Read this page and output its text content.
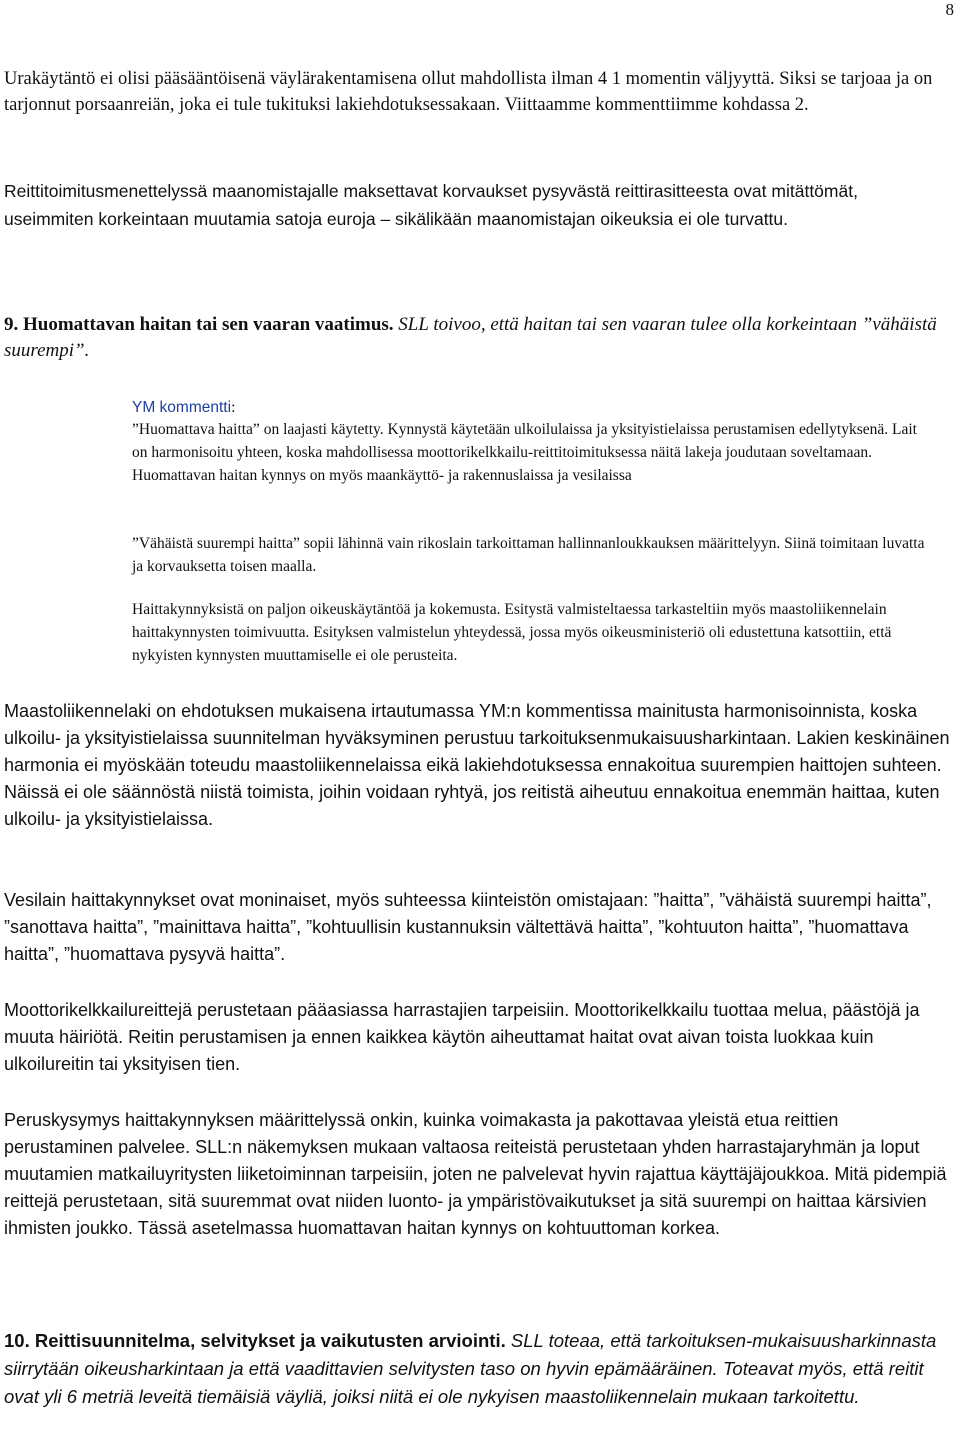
8

Urakäytäntö ei olisi pääsääntöisenä väylärakentamisena ollut mahdollista ilman 4 1 momentin väljyyttä. Siksi se tarjoaa ja on tarjonnut porsaanreiän, joka ei tule tukituksi lakiehdotuksessakaan. Viittaamme kommenttiimme kohdassa 2.

Reittitoimitusmenettelyssä maanomistajalle maksettavat korvaukset pysyvästä reittirasitteesta ovat mitättömät, useimmiten korkeintaan muutamia satoja euroja – sikälikään maanomistajan oikeuksia ei ole turvattu.

9. Huomattavan haitan tai sen vaaran vaatimus. SLL toivoo, että haitan tai sen vaaran tulee olla korkeintaan ”vähäistä suurempi”.

YM kommentti:

”Huomattava haitta” on laajasti käytetty. Kynnystä käytetään ulkoilulaissa ja yksityistielaissa perustamisen edellytyksenä. Lait on harmonisoitu yhteen, koska mahdollisessa moottorikelkkailu-reittitoimituksessa näitä lakeja joudutaan soveltamaan. Huomattavan haitan kynnys on myös maankäyttö- ja rakennuslaissa ja vesilaissa

”Vähäistä suurempi haitta” sopii lähinnä vain rikoslain tarkoittaman hallinnanloukkauksen määrittelyyn. Siinä toimitaan luvatta ja korvauksetta toisen maalla.

Haittakynnyksistä on paljon oikeuskäytäntöä ja kokemusta. Esitystä valmisteltaessa tarkasteltiin myös maastoliikennelain haittakynnysten toimivuutta. Esityksen valmistelun yhteydessä, jossa myös oikeusministeriö oli edustettuna katsottiin, että nykyisten kynnysten muuttamiselle ei ole perusteita.

Maastoliikennelaki on ehdotuksen mukaisena irtautumassa YM:n kommentissa mainitusta harmonisoinnista, koska ulkoilu- ja yksityistielaissa suunnitelman hyväksyminen perustuu tarkoituksenmukaisuusharkintaan. Lakien keskinäinen harmonia ei myöskään toteudu maastoliikennelaissa eikä lakiehdotuksessa ennakoitua suurempien haittojen suhteen. Näissä ei ole säännöstä niistä toimista, joihin voidaan ryhtyä, jos reitistä aiheutuu ennakoitua enemmän haittaa, kuten ulkoilu- ja yksityistielaissa.

Vesilain haittakynnykset ovat moninaiset, myös suhteessa kiinteistön omistajaan: ”haitta”, ”vähäistä suurempi haitta”, ”sanottava haitta”, ”mainittava haitta”, ”kohtuullisin kustannuksin vältettävä haitta”, ”kohtuuton haitta”, ”huomattava haitta”, ”huomattava pysyvä haitta”.

Moottorikelkkailureittejä perustetaan pääasiassa harrastajien tarpeisiin. Moottorikelkkailu tuottaa melua, päästöjä ja muuta häiriötä. Reitin perustamisen ja ennen kaikkea käytön aiheuttamat haitat ovat aivan toista luokkaa kuin ulkoilureitin tai yksityisen tien.

Peruskysymys haittakynnyksen määrittelyssä onkin, kuinka voimakasta ja pakottavaa yleistä etua reittien perustaminen palvelee. SLL:n näkemyksen mukaan valtaosa reiteistä perustetaan yhden harrastajaryhmän ja loput muutamien matkailuyritysten liiketoiminnan tarpeisiin, joten ne palvelevat hyvin rajattua käyttäjäjoukkoa. Mitä pidempiä reittejä perustetaan, sitä suuremmat ovat niiden luonto- ja ympäristövaikutukset ja sitä suurempi on haittaa kärsivien ihmisten joukko. Tässä asetelmassa huomattavan haitan kynnys on kohtuuttoman korkea.

10. Reittisuunnitelma, selvitykset ja vaikutusten arviointi. SLL toteaa, että tarkoituksen-mukaisuusharkinnasta siirrytään oikeusharkintaan ja että vaadittavien selvitysten taso on hyvin epämääräinen. Toteavat myös, että reitit ovat yli 6 metriä leveitä tiemäisiä väyliä, joiksi niitä ei ole nykyisen maastoliikennelain mukaan tarkoitettu.
